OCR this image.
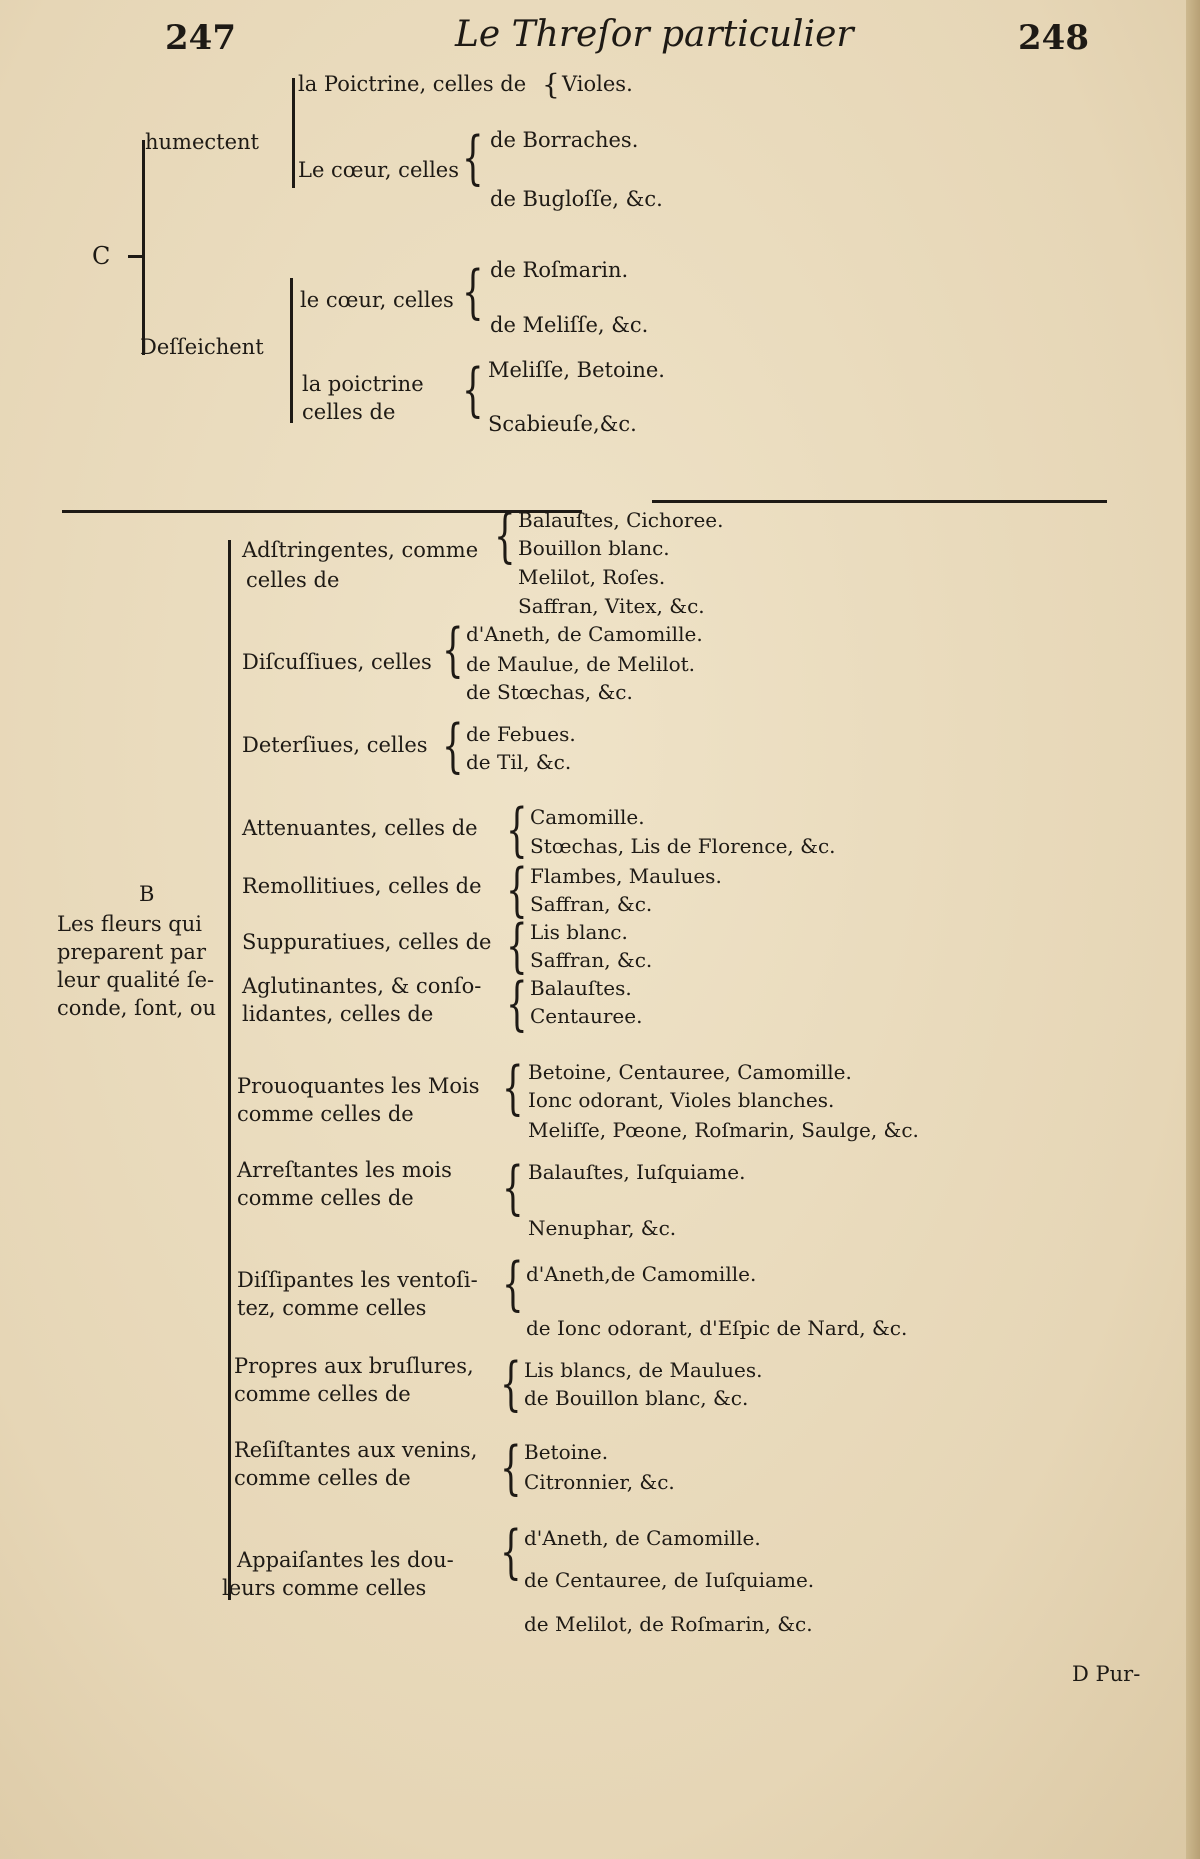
247	Le Threſor particulier	248
C
humectent
la Poictrine, celles de { Violes.
Le cœur, celles { de Borraches.
de Bugloſſe, &c.
Deſſeichent
le cœur, celles { de Roſmarin.
de Meliſſe, &c.
la poictrine
celles de { Meliſſe, Betoine.
Scabieuſe,&c.
B
Les fleurs qui
preparent par
leur qualité ſe-
conde, ſont, ou
Adſtringentes, comme
celles de
{ Balauſtes, Cichoree.
Bouillon blanc.
Melilot, Roſes.
Saffran, Vitex, &c.
Diſcuſſiues, celles { d'Aneth, de Camomille.
de Maulue, de Melilot.
de Stœchas, &c.
Deterſiues, celles { de Febues.
de Til, &c.
Attenuantes, celles de { Camomille.
Stœchas, Lis de Florence, &c.
Remollitiues, celles de { Flambes, Maulues.
Saffran, &c.
Suppuratiues, celles de { Lis blanc.
Saffran, &c.
Aglutinantes, & conſo-
lidantes, celles de { Balauſtes.
Centauree.
Prouoquantes les Mois
comme celles de	{ Betoine, Centauree, Camomille.
Ionc odorant, Violes blanches.
Meliſſe, Pœone, Roſmarin, Saulge, &c.
Arreſtantes les mois
comme celles de	{ Balauſtes, Iuſquiame.
Nenuphar, &c.
Diſſipantes les ventoſi-
tez, comme celles { d'Aneth,de Camomille.
de Ionc odorant, d'Eſpic de Nard, &c.
Propres aux bruſlures,
comme celles de	{ Lis blancs, de Maulues.
de Bouillon blanc, &c.
Reſiſtantes aux venins,
comme celles de	{ Betoine.
Citronnier, &c.
Appaiſantes les dou-
leurs comme celles
{ d'Aneth, de Camomille.
de Centauree, de Iuſquiame.
de Melilot, de Roſmarin, &c.
D Pur-
